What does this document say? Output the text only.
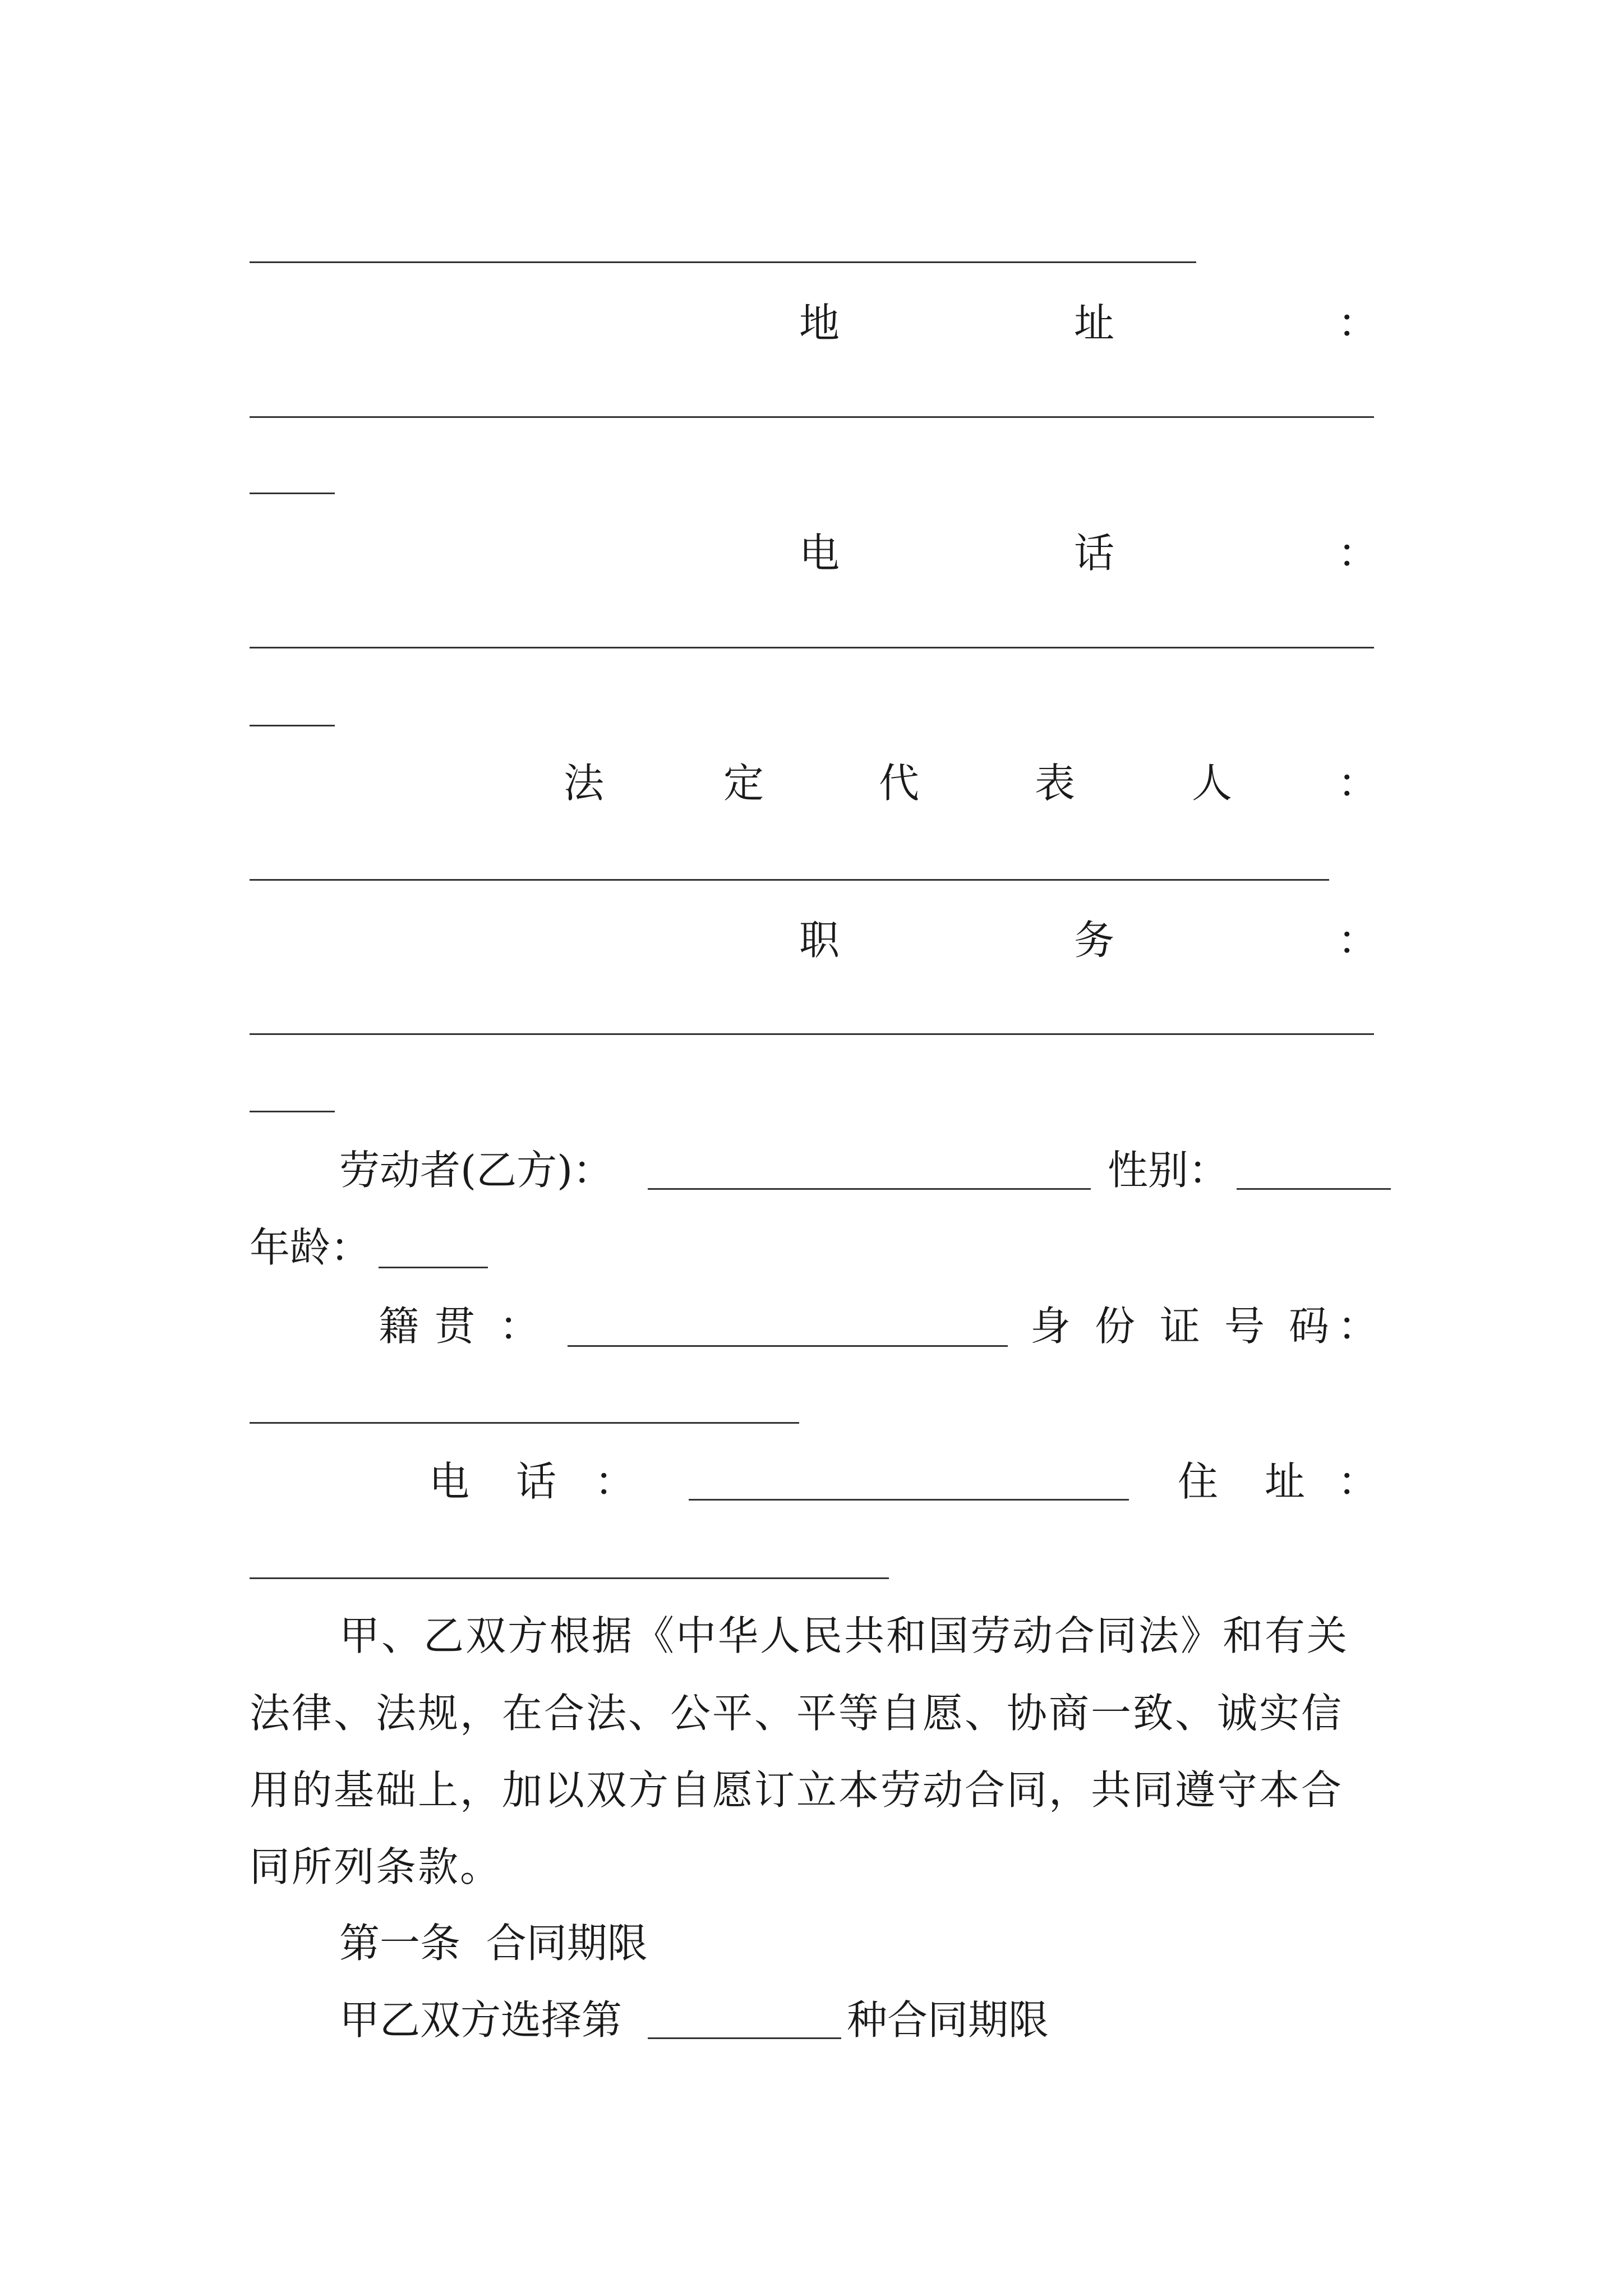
地	址	：
电	话	：
法	定	代	表	人	：
职	务	：
劳动者(乙方)：	性别：
年龄：
籍 贯 ：	身 份 证 号 码 ：
电 话 ：	住 址 ：
甲、乙双方根据《中华人民共和国劳动合同法》和有关
法律、法规，在合法、公平、平等自愿、协商一致、诚实信
用的基础上，加以双方自愿订立本劳动合同，共同遵守本合
同所列条款。
第一条  合同期限
甲乙双方选择第	种合同期限
